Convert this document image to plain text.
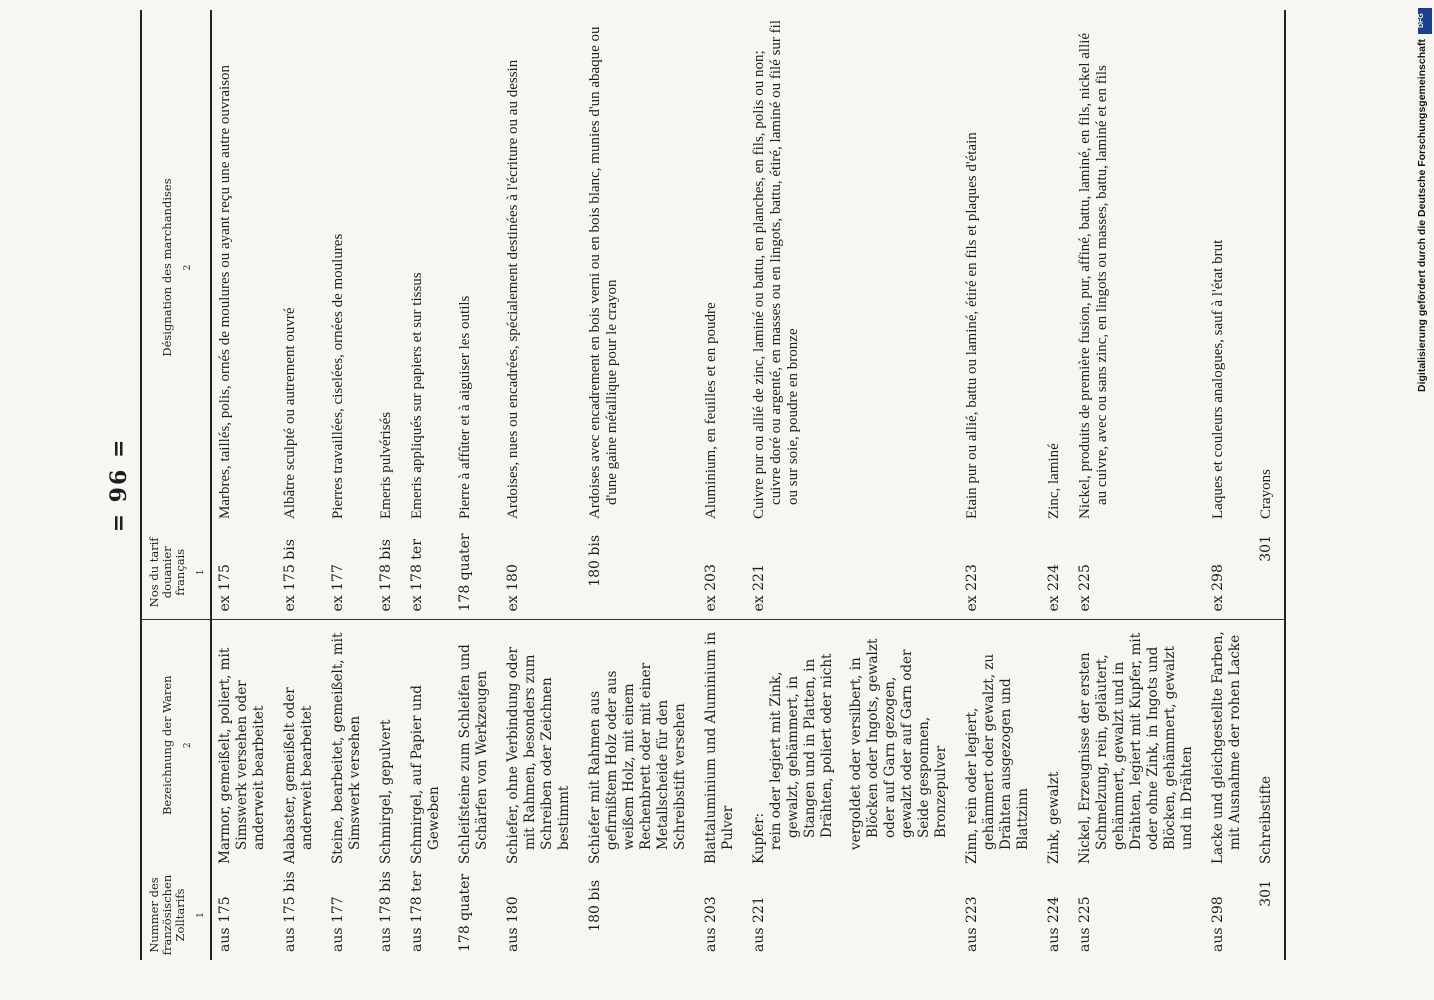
= 96 =
Nummer des französischen Zolltarifs 1	Bezeichnung der Waren 2	Nos du tarif douanier français 1	Désignation des marchandises 2

aus 175	Marmor, gemeißelt, poliert, mit Simswerk versehen oder anderweit bearbeitet	ex 175	Marbres, taillés, polis, ornés de moulures ou ayant reçu une autre ouvraison

aus 175 bis	Alabaster, gemeißelt oder anderweit bearbeitet	ex 175 bis	Albâtre sculpté ou autrement ouvré

aus 177	Steine, bearbeitet, gemeißelt, mit Simswerk versehen	ex 177	Pierres travaillées, ciselées, ornées de moulures

aus 178 bis	Schmirgel, gepulvert	ex 178 bis	Emeris pulvérisés

aus 178 ter	Schmirgel, auf Papier und Geweben	ex 178 ter	Emeris appliqués sur papiers et sur tissus

178 quater	Schleifsteine zum Schleifen und Schärfen von Werkzeugen	178 quater	Pierre à affûter et à aiguiser les outils

aus 180	Schiefer, ohne Verbindung oder mit Rahmen, besonders zum Schreiben oder Zeichnen bestimmt	ex 180	Ardoises, nues ou encadrées, spécialement destinées à l'écriture ou au dessin

180 bis	Schiefer mit Rahmen aus gefirnißtem Holz oder aus weißem Holz, mit einem Rechenbrett oder mit einer Metallscheide für den Schreibstift versehen	180 bis	Ardoises avec encadrement en bois verni ou en bois blanc, munies d'un abaque ou d'une gaine métallique pour le crayon

aus 203	Blattaluminium und Aluminium in Pulver	ex 203	Aluminium, en feuilles et en poudre

aus 221	Kupfer: rein oder legiert mit Zink, gewalzt, gehämmert, in Stangen und in Platten, in Drähten, poliert oder nicht vergoldet oder versilbert, in Blöcken oder Ingots, gewalzt oder auf Garn gezogen, gewalzt oder auf Garn oder Seide gesponnen, Bronzepulver	ex 221	Cuivre pur ou allié de zinc, laminé ou battu, en planches, en fils, polis ou non; cuivre doré ou argenté, en masses ou en lingots, battu, étiré, laminé ou filé sur fil ou sur soie, poudre en bronze

aus 223	Zinn, rein oder legiert, gehämmert oder gewalzt, zu Drähten ausgezogen und Blattzinn	ex 223	Etain pur ou allié, battu ou laminé, étiré en fils et plaques d'étain

aus 224	Zink, gewalzt	ex 224	Zinc, laminé

aus 225	Nickel, Erzeugnisse der ersten Schmelzung, rein, geläutert, gehämmert, gewalzt und in Drähten, legiert mit Kupfer, mit oder ohne Zink, in Ingots und Blöcken, gehämmert, gewalzt und in Drähten	ex 225	Nickel, produits de première fusion, pur, affiné, battu, laminé, en fils, nickel allié au cuivre, avec ou sans zinc, en lingots ou masses, battu, laminé et en fils

aus 298	Lacke und gleichgestellte Farben, mit Ausnahme der rohen Lacke	ex 298	Laques et couleurs analogues, sauf à l'état brut

301	Schreibstifte	301	Crayons
DFG
Digitalisierung gefördert durch die Deutsche Forschungsgemeinschaft
